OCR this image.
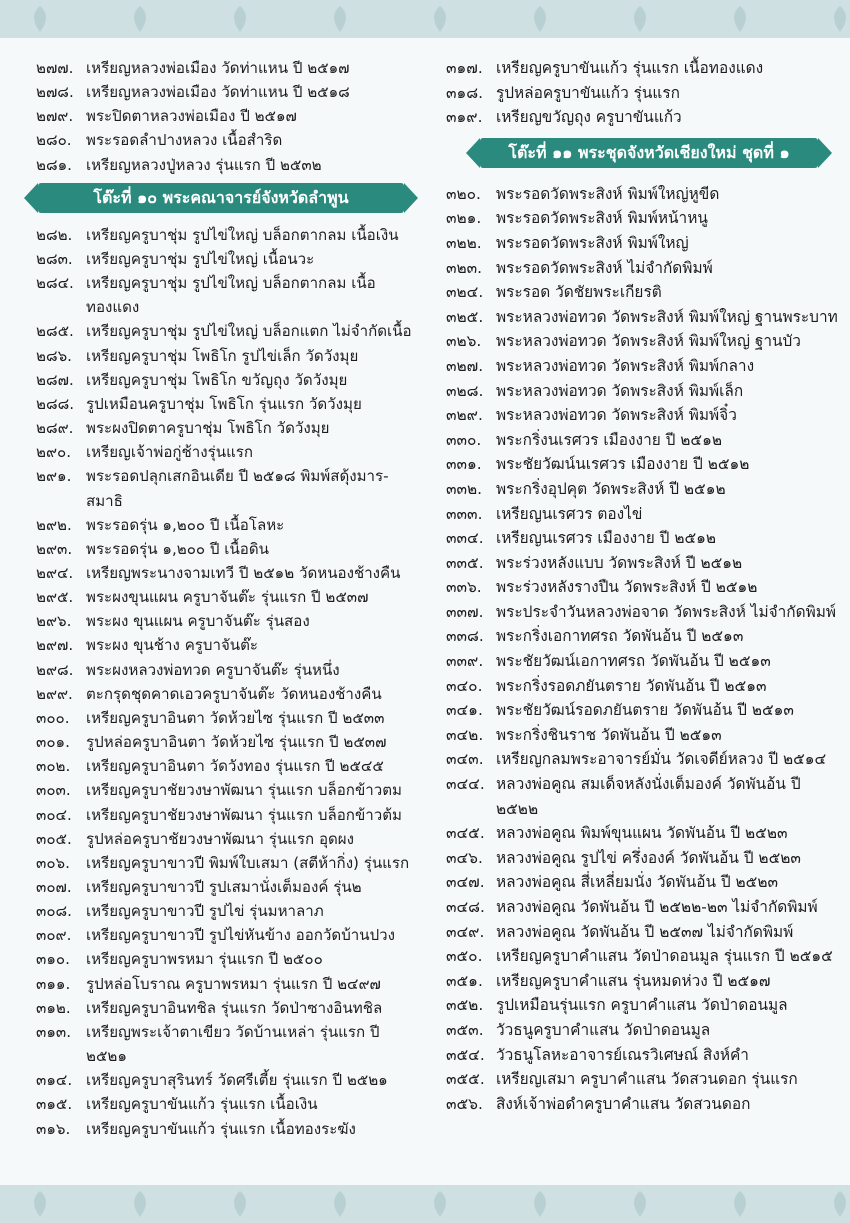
๒๗๗. เหรียญหลวงพ่อเมือง วัดท่าแหน ปี ๒๕๑๗
๒๗๘. เหรียญหลวงพ่อเมือง วัดท่าแหน ปี ๒๕๑๘
๒๗๙. พระปิดตาหลวงพ่อเมือง ปี ๒๕๑๗
๒๘๐. พระรอดลำปางหลวง เนื้อสำริด
๒๘๑. เหรียญหลวงปู่หลวง รุ่นแรก ปี ๒๕๓๒
โต๊ะที่ ๑๐ พระคณาจารย์จังหวัดลำพูน
๒๘๒. เหรียญครูบาชุ่ม รูปไข่ใหญ่ บล็อกตากลม เนื้อเงิน
๒๘๓. เหรียญครูบาชุ่ม รูปไข่ใหญ่ เนื้อนวะ
๒๘๔. เหรียญครูบาชุ่ม รูปไข่ใหญ่ บล็อกตากลม เนื้อทองแดง
๒๘๕. เหรียญครูบาชุ่ม รูปไข่ใหญ่ บล็อกแตก ไม่จำกัดเนื้อ
๒๘๖. เหรียญครูบาชุ่ม โพธิโก รูปไข่เล็ก วัดวังมุย
๒๘๗. เหรียญครูบาชุ่ม โพธิโก ขวัญถุง วัดวังมุย
๒๘๘. รูปเหมือนครูบาชุ่ม โพธิโก รุ่นแรก วัดวังมุย
๒๘๙. พระผงปิดตาครูบาชุ่ม โพธิโก วัดวังมุย
๒๙๐. เหรียญเจ้าพ่อกู่ช้างรุ่นแรก
๒๙๑. พระรอดปลุกเสกอินเดีย ปี ๒๕๑๘ พิมพ์สดุ้งมาร-สมาธิ
๒๙๒. พระรอดรุ่น ๑,๒๐๐ ปี เนื้อโลหะ
๒๙๓. พระรอดรุ่น ๑,๒๐๐ ปี เนื้อดิน
๒๙๔. เหรียญพระนางจามเทวี ปี ๒๕๑๒ วัดหนองช้างคืน
๒๙๕. พระผงขุนแผน ครูบาจันต๊ะ รุ่นแรก ปี ๒๕๓๗
๒๙๖. พระผง ขุนแผน ครูบาจันต๊ะ รุ่นสอง
๒๙๗. พระผง ขุนช้าง ครูบาจันต๊ะ
๒๙๘. พระผงหลวงพ่อทวด ครูบาจันต๊ะ รุ่นหนึ่ง
๒๙๙. ตะกรุดชุดคาดเอวครูบาจันต๊ะ วัดหนองช้างคืน
๓๐๐.	เหรียญครูบาอินตา วัดห้วยไซ รุ่นแรก ปี ๒๕๓๓
๓๐๑.	รูปหล่อครูบาอินตา วัดห้วยไซ รุ่นแรก ปี ๒๕๓๗
๓๐๒.	เหรียญครูบาอินตา วัดวังทอง รุ่นแรก ปี ๒๕๔๕
๓๐๓.	เหรียญครูบาชัยวงษาพัฒนา รุ่นแรก บล็อกข้าวตม
๓๐๔. เหรียญครูบาชัยวงษาพัฒนา รุ่นแรก บล็อกข้าวต้ม
๓๐๕. รูปหล่อครูบาชัยวงษาพัฒนา รุ่นแรก อุดผง
๓๐๖.	เหรียญครูบาขาวปี พิมพ์ใบเสมา (สตีห้ากิ่ง) รุ่นแรก
๓๐๗. เหรียญครูบาขาวปี รูปเสมานั่งเต็มองค์ รุ่น๒
๓๐๘. เหรียญครูบาขาวปี รูปไข่ รุ่นมหาลาภ
๓๐๙. เหรียญครูบาขาวปี รูปไข่หันข้าง ออกวัดบ้านปวง
๓๑๐.	เหรียญครูบาพรหมา รุ่นแรก ปี ๒๕๐๐
๓๑๑.	รูปหล่อโบราณ ครูบาพรหมา รุ่นแรก ปี ๒๔๙๗
๓๑๒.	เหรียญครูบาอินทชิล รุ่นแรก วัดป่าซางอินทชิล
๓๑๓. เหรียญพระเจ้าตาเขียว วัดบ้านเหล่า รุ่นแรก ปี ๒๕๒๑
๓๑๔. เหรียญครูบาสุรินทร์ วัดศรีเตี้ย รุ่นแรก ปี ๒๕๒๑
๓๑๕. เหรียญครูบาขันแก้ว รุ่นแรก เนื้อเงิน
๓๑๖.	เหรียญครูบาขันแก้ว รุ่นแรก เนื้อทองระฆัง
๓๑๗. เหรียญครูบาขันแก้ว รุ่นแรก เนื้อทองแดง
๓๑๘. รูปหล่อครูบาขันแก้ว รุ่นแรก
๓๑๙. เหรียญขวัญถุง ครูบาขันแก้ว
โต๊ะที่ ๑๑ พระชุดจังหวัดเชียงใหม่ ชุดที่ ๑
๓๒๐. พระรอดวัดพระสิงห์ พิมพ์ใหญ่หูขีด
๓๒๑. พระรอดวัดพระสิงห์ พิมพ์หน้าหนู
๓๒๒. พระรอดวัดพระสิงห์ พิมพ์ใหญ่
๓๒๓. พระรอดวัดพระสิงห์ ไม่จำกัดพิมพ์
๓๒๔. พระรอด วัดชัยพระเกียรติ
๓๒๕. พระหลวงพ่อทวด วัดพระสิงห์ พิมพ์ใหญ่ ฐานพระบาท
๓๒๖. พระหลวงพ่อทวด วัดพระสิงห์ พิมพ์ใหญ่ ฐานบัว
๓๒๗. พระหลวงพ่อทวด วัดพระสิงห์ พิมพ์กลาง
๓๒๘. พระหลวงพ่อทวด วัดพระสิงห์ พิมพ์เล็ก
๓๒๙. พระหลวงพ่อทวด วัดพระสิงห์ พิมพ์จิ๋ว
๓๓๐. พระกริ่งนเรศวร เมืองงาย ปี ๒๕๑๒
๓๓๑. พระชัยวัฒน์นเรศวร เมืองงาย ปี ๒๕๑๒
๓๓๒. พระกริ่งอุปคุต วัดพระสิงห์ ปี ๒๕๑๒
๓๓๓. เหรียญนเรศวร ตองไข่
๓๓๔. เหรียญนเรศวร เมืองงาย ปี ๒๕๑๒
๓๓๕. พระร่วงหลังแบบ วัดพระสิงห์ ปี ๒๕๑๒
๓๓๖. พระร่วงหลังรางปืน วัดพระสิงห์ ปี ๒๕๑๒
๓๓๗. พระประจำวันหลวงพ่อจาด วัดพระสิงห์ ไม่จำกัดพิมพ์
๓๓๘. พระกริ่งเอกาทศรถ วัดพันอ้น ปี ๒๕๑๓
๓๓๙. พระชัยวัฒน์เอกาทศรถ วัดพันอ้น ปี ๒๕๑๓
๓๔๐. พระกริ่งรอดภยันตราย วัดพันอ้น ปี ๒๕๑๓
๓๔๑. พระชัยวัฒน์รอดภยันตราย วัดพันอ้น ปี ๒๕๑๓
๓๔๒. พระกริ่งชินราช วัดพันอ้น ปี ๒๕๑๓
๓๔๓. เหรียญกลมพระอาจารย์มั่น วัดเจดีย์หลวง ปี ๒๕๑๔
๓๔๔. หลวงพ่อคูณ สมเด็จหลังนั่งเต็มองค์ วัดพันอ้น ปี ๒๕๒๒
๓๔๕. หลวงพ่อคูณ พิมพ์ขุนแผน วัดพันอ้น ปี ๒๕๒๓
๓๔๖. หลวงพ่อคูณ รูปไข่ ครึ่งองค์ วัดพันอ้น ปี ๒๕๒๓
๓๔๗. หลวงพ่อคูณ สี่เหลี่ยมนั่ง วัดพันอ้น ปี ๒๕๒๓
๓๔๘. หลวงพ่อคูณ วัดพันอ้น ปี ๒๕๒๒-๒๓ ไม่จำกัดพิมพ์
๓๔๙. หลวงพ่อคูณ วัดพันอ้น ปี ๒๕๓๗ ไม่จำกัดพิมพ์
๓๕๐. เหรียญครูบาคำแสน วัดป่าดอนมูล รุ่นแรก ปี ๒๕๑๕
๓๕๑. เหรียญครูบาคำแสน รุ่นหมดห่วง ปี ๒๕๑๗
๓๕๒. รูปเหมือนรุ่นแรก ครูบาคำแสน วัดป่าดอนมูล
๓๕๓. วัวธนูครูบาคำแสน วัดป่าดอนมูล
๓๕๔. วัวธนูโลหะอาจารย์เณรวิเศษณ์ สิงห์คำ
๓๕๕. เหรียญเสมา ครูบาคำแสน วัดสวนดอก รุ่นแรก
๓๕๖. สิงห์เจ้าพ่อดำครูบาคำแสน วัดสวนดอก
